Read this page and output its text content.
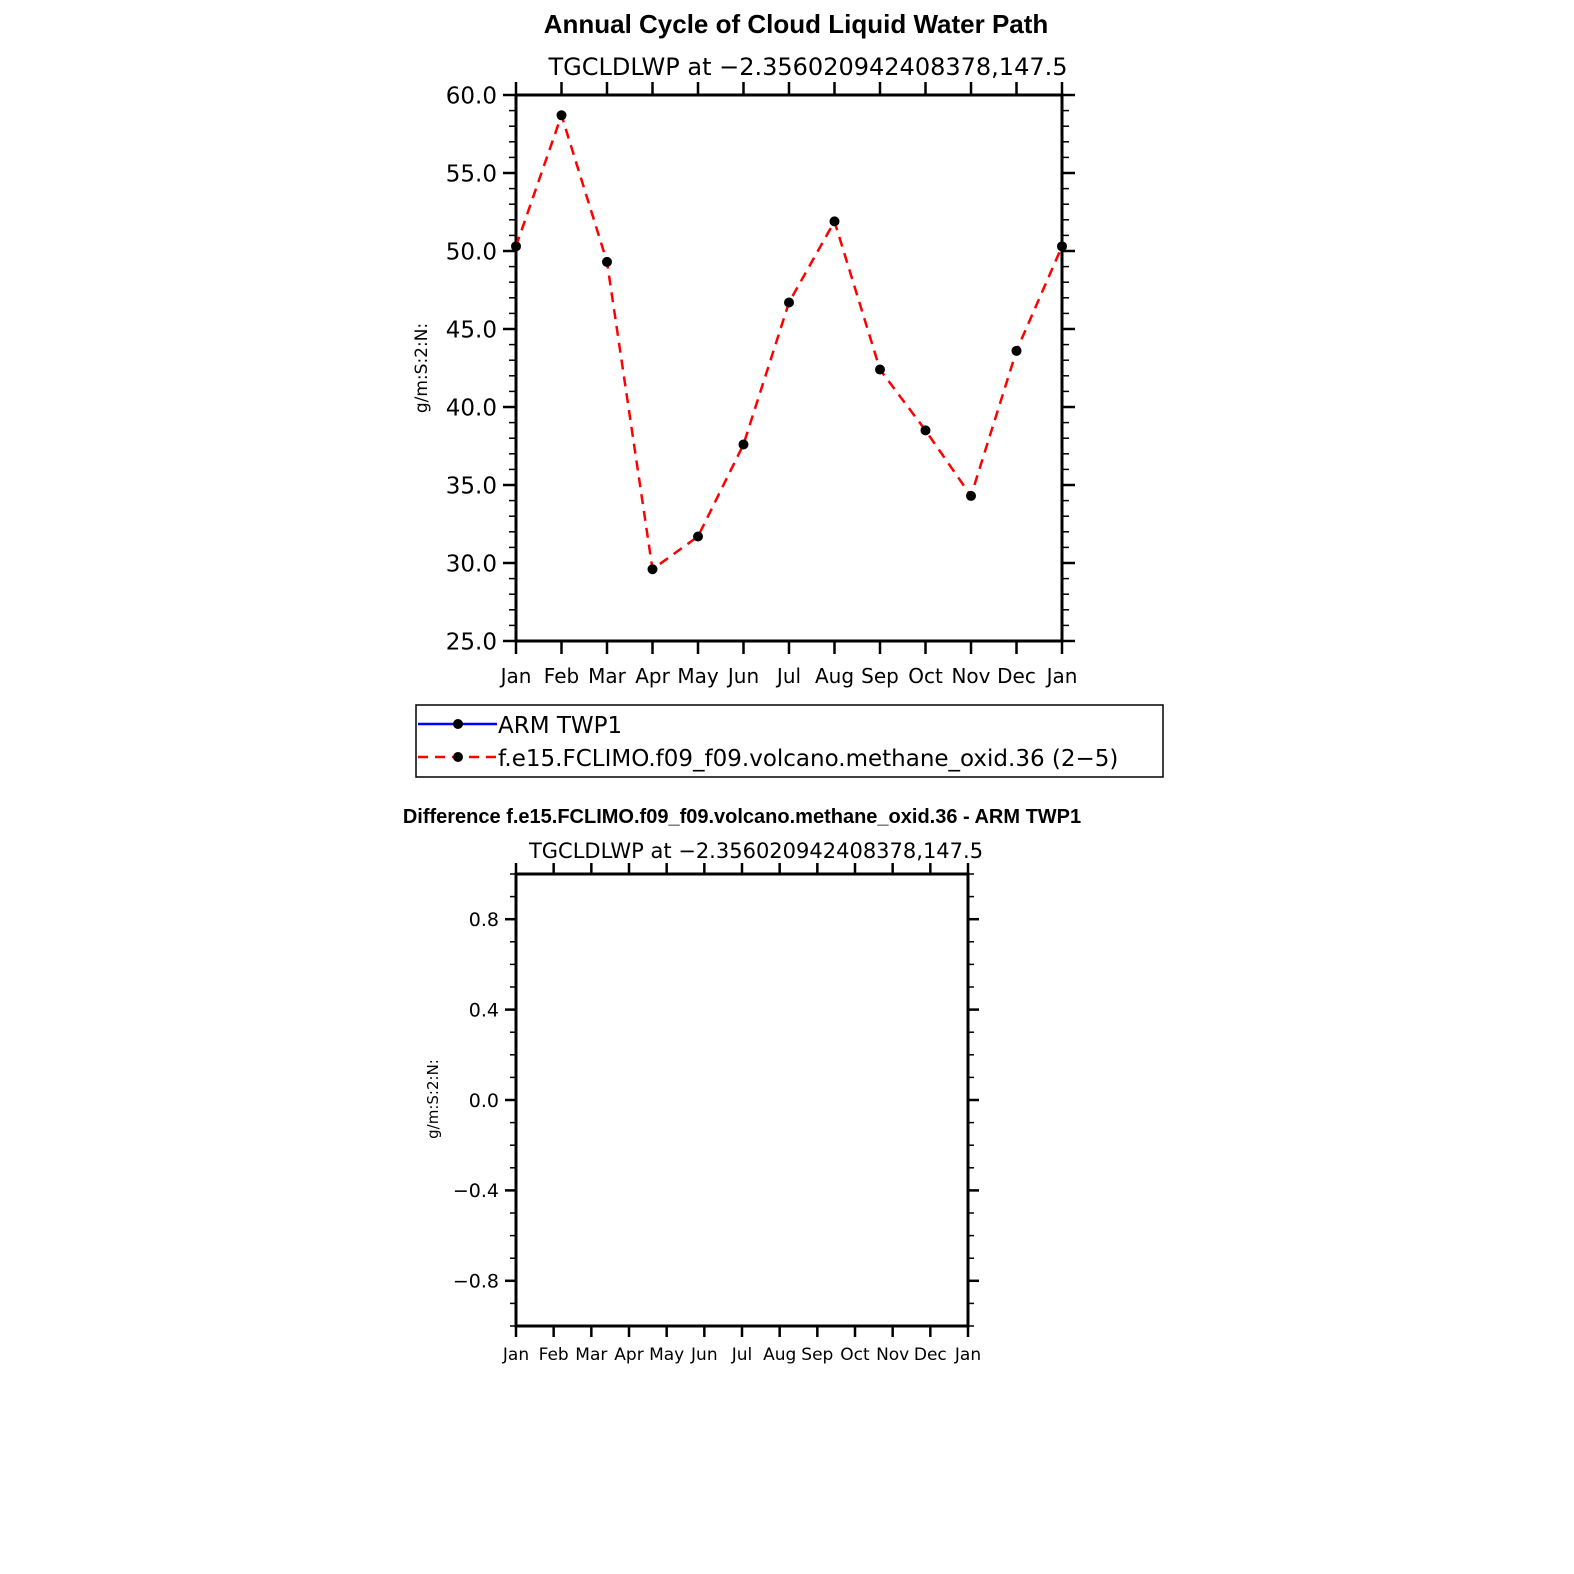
Annual Cycle of Cloud Liquid Water Path
TGCLDLWP at −2.356020942408378,147.5
g/m:S:2:N:
25.0
30.0
35.0
40.0
45.0
50.0
55.0
60.0
Jan Feb Mar Apr May Jun Jul Aug Sep Oct Nov Dec Jan
ARM TWP1
f.e15.FCLIMO.f09_f09.volcano.methane_oxid.36 (2−5)
Difference f.e15.FCLIMO.f09_f09.volcano.methane_oxid.36 - ARM TWP1
TGCLDLWP at −2.356020942408378,147.5
g/m:S:2:N:
−0.8
−0.4
0.0
0.4
0.8
Jan Feb Mar Apr May Jun Jul Aug Sep Oct Nov Dec Jan
